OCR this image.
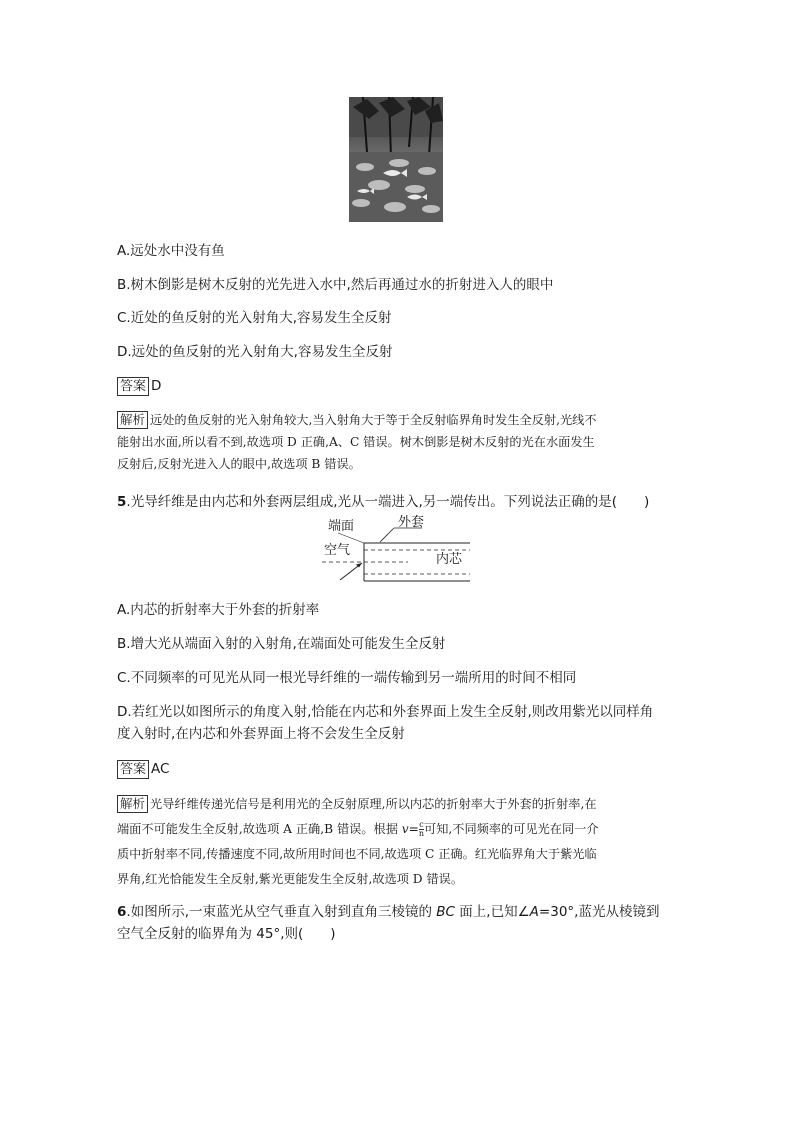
A.远处水中没有鱼
B.树木倒影是树木反射的光先进入水中,然后再通过水的折射进入人的眼中
C.近处的鱼反射的光入射角大,容易发生全反射
D.远处的鱼反射的光入射角大,容易发生全反射
答案 D
解析 远处的鱼反射的光入射角较大,当入射角大于等于全反射临界角时发生全反射,光线不
能射出水面,所以看不到,故选项 D 正确,A、C 错误。树木倒影是树木反射的光在水面发生
反射后,反射光进入人的眼中,故选项 B 错误。
5.光导纤维是由内芯和外套两层组成,光从一端进入,另一端传出。下列说法正确的是(　　)
端面	外套
空气
内芯
A.内芯的折射率大于外套的折射率
B.增大光从端面入射的入射角,在端面处可能发生全反射
C.不同频率的可见光从同一根光导纤维的一端传输到另一端所用的时间不相同
D.若红光以如图所示的角度入射,恰能在内芯和外套界面上发生全反射,则改用紫光以同样角
度入射时,在内芯和外套界面上将不会发生全反射
答案 AC
解析 光导纤维传递光信号是利用光的全反射原理,所以内芯的折射率大于外套的折射率,在
端面不可能发生全反射,故选项 A 正确,B 错误。根据 $v= \frac{c}{n}$ 可知,不同频率的可见光在同一介
质中折射率不同,传播速度不同,故所用时间也不同,故选项 C 正确。红光临界角大于紫光临
界角,红光恰能发生全反射,紫光更能发生全反射,故选项 D 错误。
6.如图所示,一束蓝光从空气垂直入射到直角三棱镜的 BC 面上,已知∠A=30°,蓝光从棱镜到
空气全反射的临界角为 45°,则(　　)
